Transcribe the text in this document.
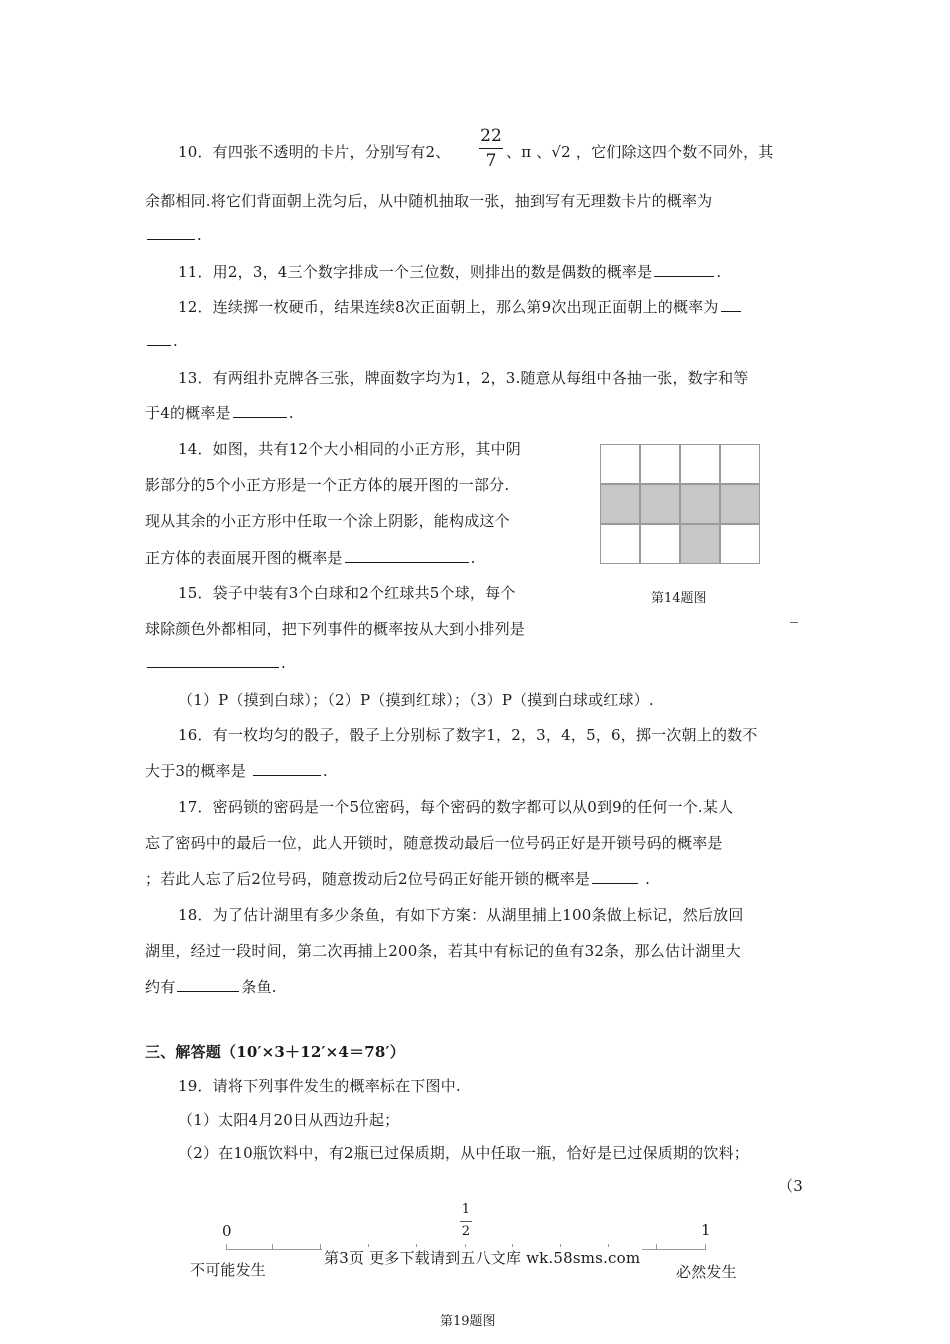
10．有四张不透明的卡片，分别写有2、
22
7 、π 、√2 ，它们除这四个数不同外，其
余都相同.将它们背面朝上洗匀后，从中随机抽取一张，抽到写有无理数卡片的概率为
.
11．用2，3，4三个数字排成一个三位数，则排出的数是偶数的概率是	.
12．连续掷一枚硬币，结果连续8次正面朝上，那么第9次出现正面朝上的概率为
.
13．有两组扑克牌各三张，牌面数字均为1，2，3.随意从每组中各抽一张，数字和等
于4的概率是	.
14．如图，共有12个大小相同的小正方形，其中阴
影部分的5个小正方形是一个正方体的展开图的一部分.
现从其余的小正方形中任取一个涂上阴影，能构成这个
正方体的表面展开图的概率是	.
第14题图
15．袋子中装有3个白球和2个红球共5个球，每个
球除颜色外都相同，把下列事件的概率按从大到小排列是
.
（1）P（摸到白球）；（2）P（摸到红球）；（3）P（摸到白球或红球）.
16．有一枚均匀的骰子，骰子上分别标了数字1，2，3，4，5，6，掷一次朝上的数不
大于3的概率是	.
17．密码锁的密码是一个5位密码，每个密码的数字都可以从0到9的任何一个.某人
忘了密码中的最后一位，此人开锁时，随意拨动最后一位号码正好是开锁号码的概率是
；若此人忘了后2位号码，随意拨动后2位号码正好能开锁的概率是	.
18．为了估计湖里有多少条鱼，有如下方案：从湖里捕上100条做上标记，然后放回
湖里，经过一段时间，第二次再捕上200条，若其中有标记的鱼有32条，那么估计湖里大
约有	条鱼.
三、解答题（10′×3＋12′×4＝78′）
19．请将下列事件发生的概率标在下图中.
（1）太阳4月20日从西边升起；
（2）在10瓶饮料中，有2瓶已过保质期，从中任取一瓶，恰好是已过保质期的饮料；
（3
0
1
2	1
不可能发生	必然发生
第3页 更多下载请到五八文库 wk.58sms.com
第19题图
